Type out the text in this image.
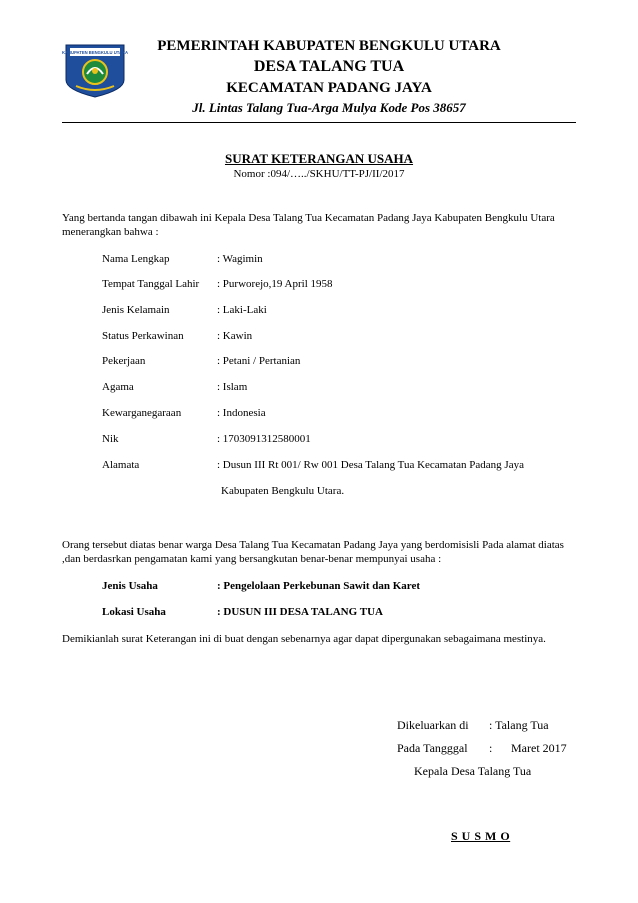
KABUPATEN BENGKULU UTARA	PEMERINTAH KABUPATEN BENGKULU UTARA
DESA TALANG TUA
KECAMATAN PADANG JAYA
Jl. Lintas Talang Tua-Arga Mulya Kode Pos 38657
SURAT KETERANGAN USAHA
Nomor :094/…../SKHU/TT-PJ/II/2017
Yang bertanda tangan dibawah ini Kepala Desa Talang Tua Kecamatan Padang Jaya Kabupaten Bengkulu Utara menerangkan bahwa :
Nama Lengkap	: Wagimin
Tempat Tanggal Lahir : Purworejo,19 April 1958
Jenis Kelamain	: Laki-Laki
Status Perkawinan	: Kawin
Pekerjaan	: Petani / Pertanian
Agama	: Islam
Kewarganegaraan	: Indonesia
Nik	: 1703091312580001
Alamata	: Dusun III Rt 001/ Rw 001 Desa Talang Tua Kecamatan Padang Jaya
Kabupaten Bengkulu Utara.
Orang tersebut diatas benar warga Desa Talang Tua Kecamatan Padang Jaya yang berdomisisli Pada alamat diatas ,dan berdasrkan pengamatan kami yang bersangkutan benar-benar mempunyai usaha :
Jenis Usaha	: Pengelolaan Perkebunan Sawit dan Karet
Lokasi Usaha	: DUSUN III DESA TALANG TUA
Demikianlah surat Keterangan ini di buat dengan sebenarnya agar dapat dipergunakan sebagaimana mestinya.
Dikeluarkan di : Talang Tua
Pada Tangggal : Maret 2017
Kepala Desa Talang Tua
S U S M O
